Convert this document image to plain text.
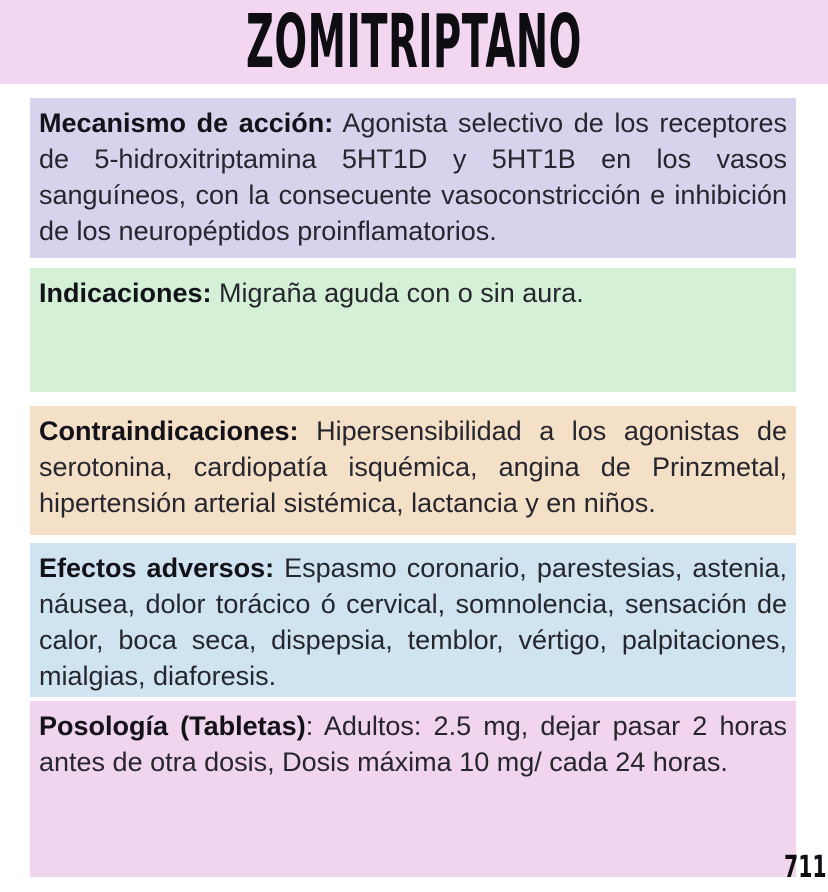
ZOMITRIPTANO

Mecanismo de acción: Agonista selectivo de los receptores de 5-hidroxitriptamina 5HT1D y 5HT1B en los vasos sanguíneos, con la consecuente vasoconstricción e inhibición de los neuropéptidos proinflamatorios.

Indicaciones: Migraña aguda con o sin aura.

Contraindicaciones: Hipersensibilidad a los agonistas de serotonina, cardiopatía isquémica, angina de Prinzmetal, hipertensión arterial sistémica, lactancia y en niños.

Efectos adversos: Espasmo coronario, parestesias, astenia, náusea, dolor torácico ó cervical, somnolencia, sensación de calor, boca seca, dispepsia, temblor, vértigo, palpitaciones, mialgias, diaforesis.

Posología (Tabletas): Adultos: 2.5 mg, dejar pasar 2 horas antes de otra dosis, Dosis máxima 10 mg/ cada 24 horas.

711
